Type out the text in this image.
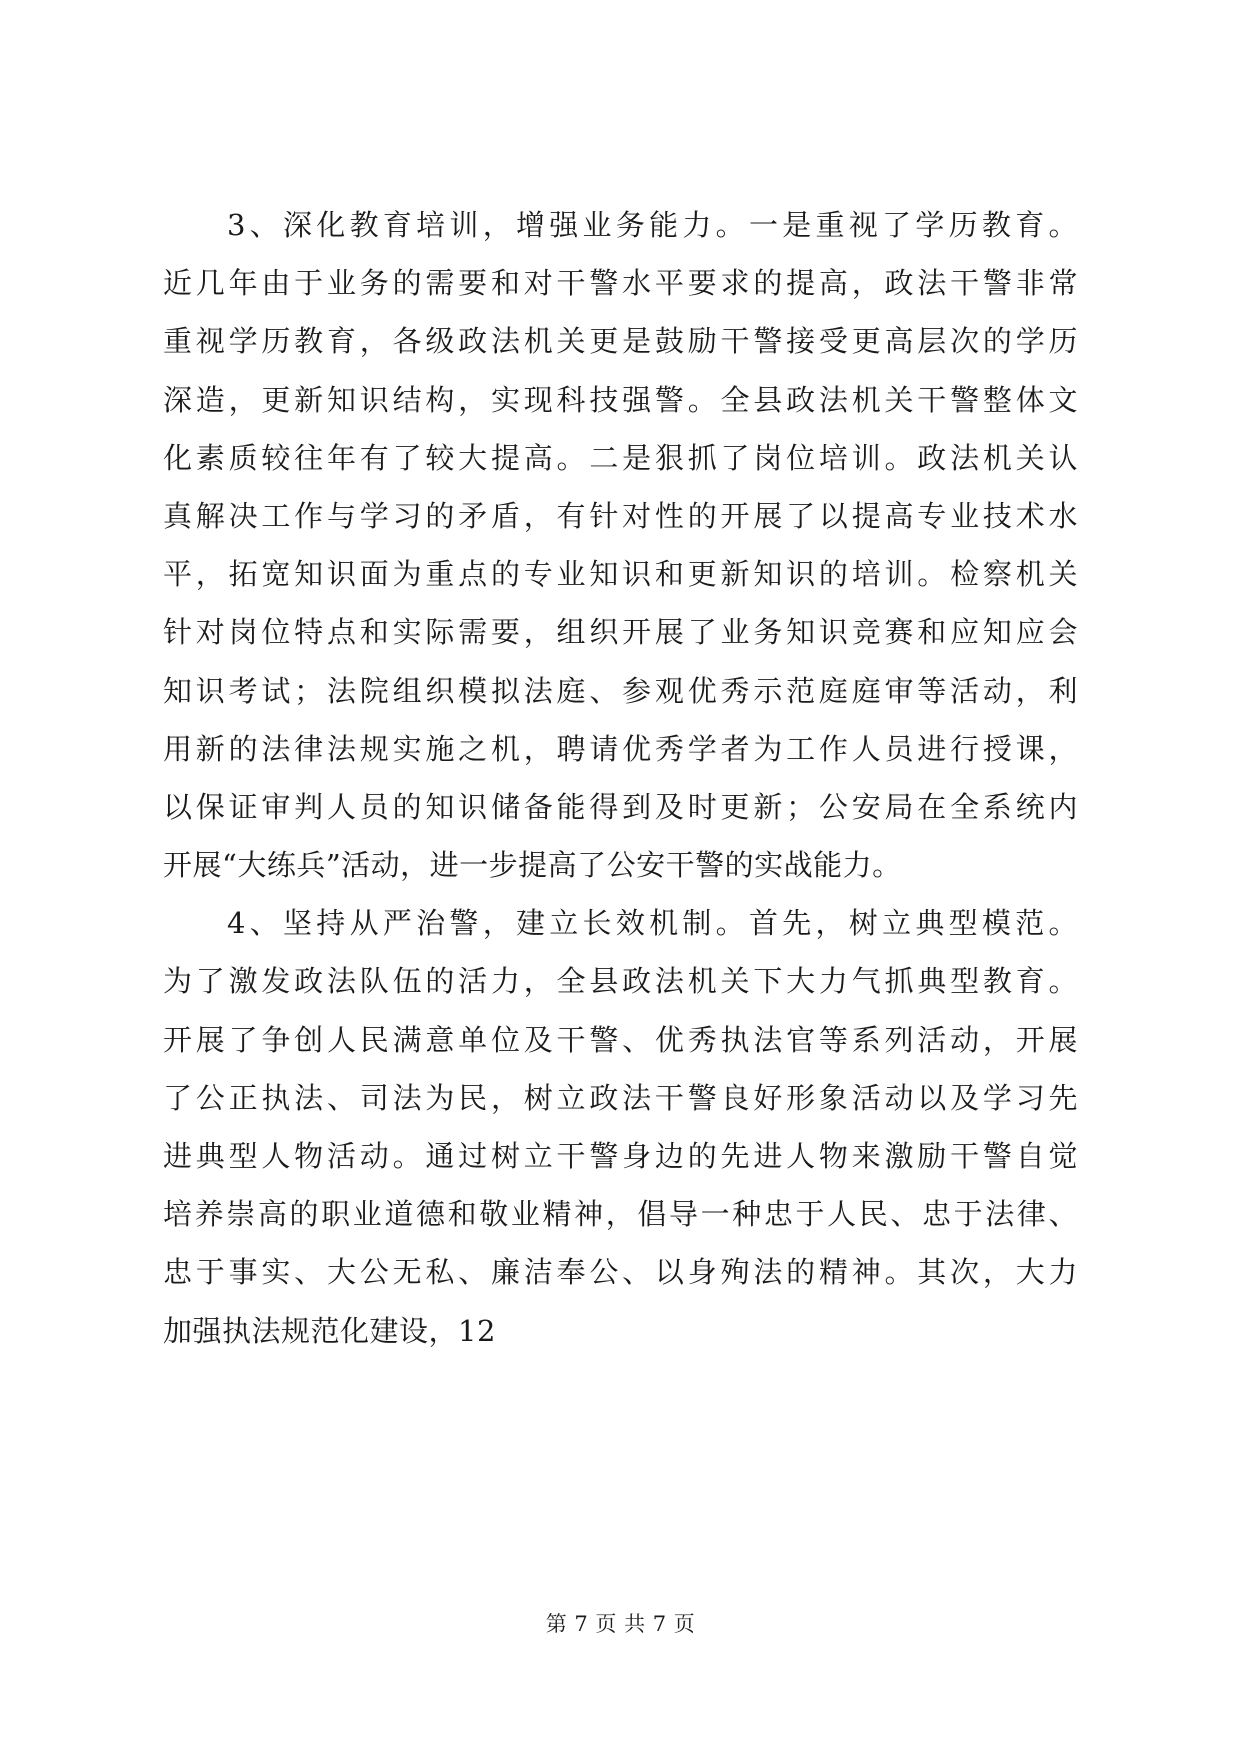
3、深化教育培训，增强业务能力。一是重视了学历教育。
近几年由于业务的需要和对干警水平要求的提高，政法干警非常
重视学历教育，各级政法机关更是鼓励干警接受更高层次的学历
深造，更新知识结构，实现科技强警。全县政法机关干警整体文
化素质较往年有了较大提高。二是狠抓了岗位培训。政法机关认
真解决工作与学习的矛盾，有针对性的开展了以提高专业技术水
平，拓宽知识面为重点的专业知识和更新知识的培训。检察机关
针对岗位特点和实际需要，组织开展了业务知识竞赛和应知应会
知识考试；法院组织模拟法庭、参观优秀示范庭庭审等活动，利
用新的法律法规实施之机，聘请优秀学者为工作人员进行授课，
以保证审判人员的知识储备能得到及时更新；公安局在全系统内
开展“大练兵”活动，进一步提高了公安干警的实战能力。
4、坚持从严治警，建立长效机制。首先，树立典型模范。
为了激发政法队伍的活力，全县政法机关下大力气抓典型教育。
开展了争创人民满意单位及干警、优秀执法官等系列活动，开展
了公正执法、司法为民，树立政法干警良好形象活动以及学习先
进典型人物活动。通过树立干警身边的先进人物来激励干警自觉
培养崇高的职业道德和敬业精神，倡导一种忠于人民、忠于法律、
忠于事实、大公无私、廉洁奉公、以身殉法的精神。其次，大力
加强执法规范化建设，12
第 7 页 共 7 页
